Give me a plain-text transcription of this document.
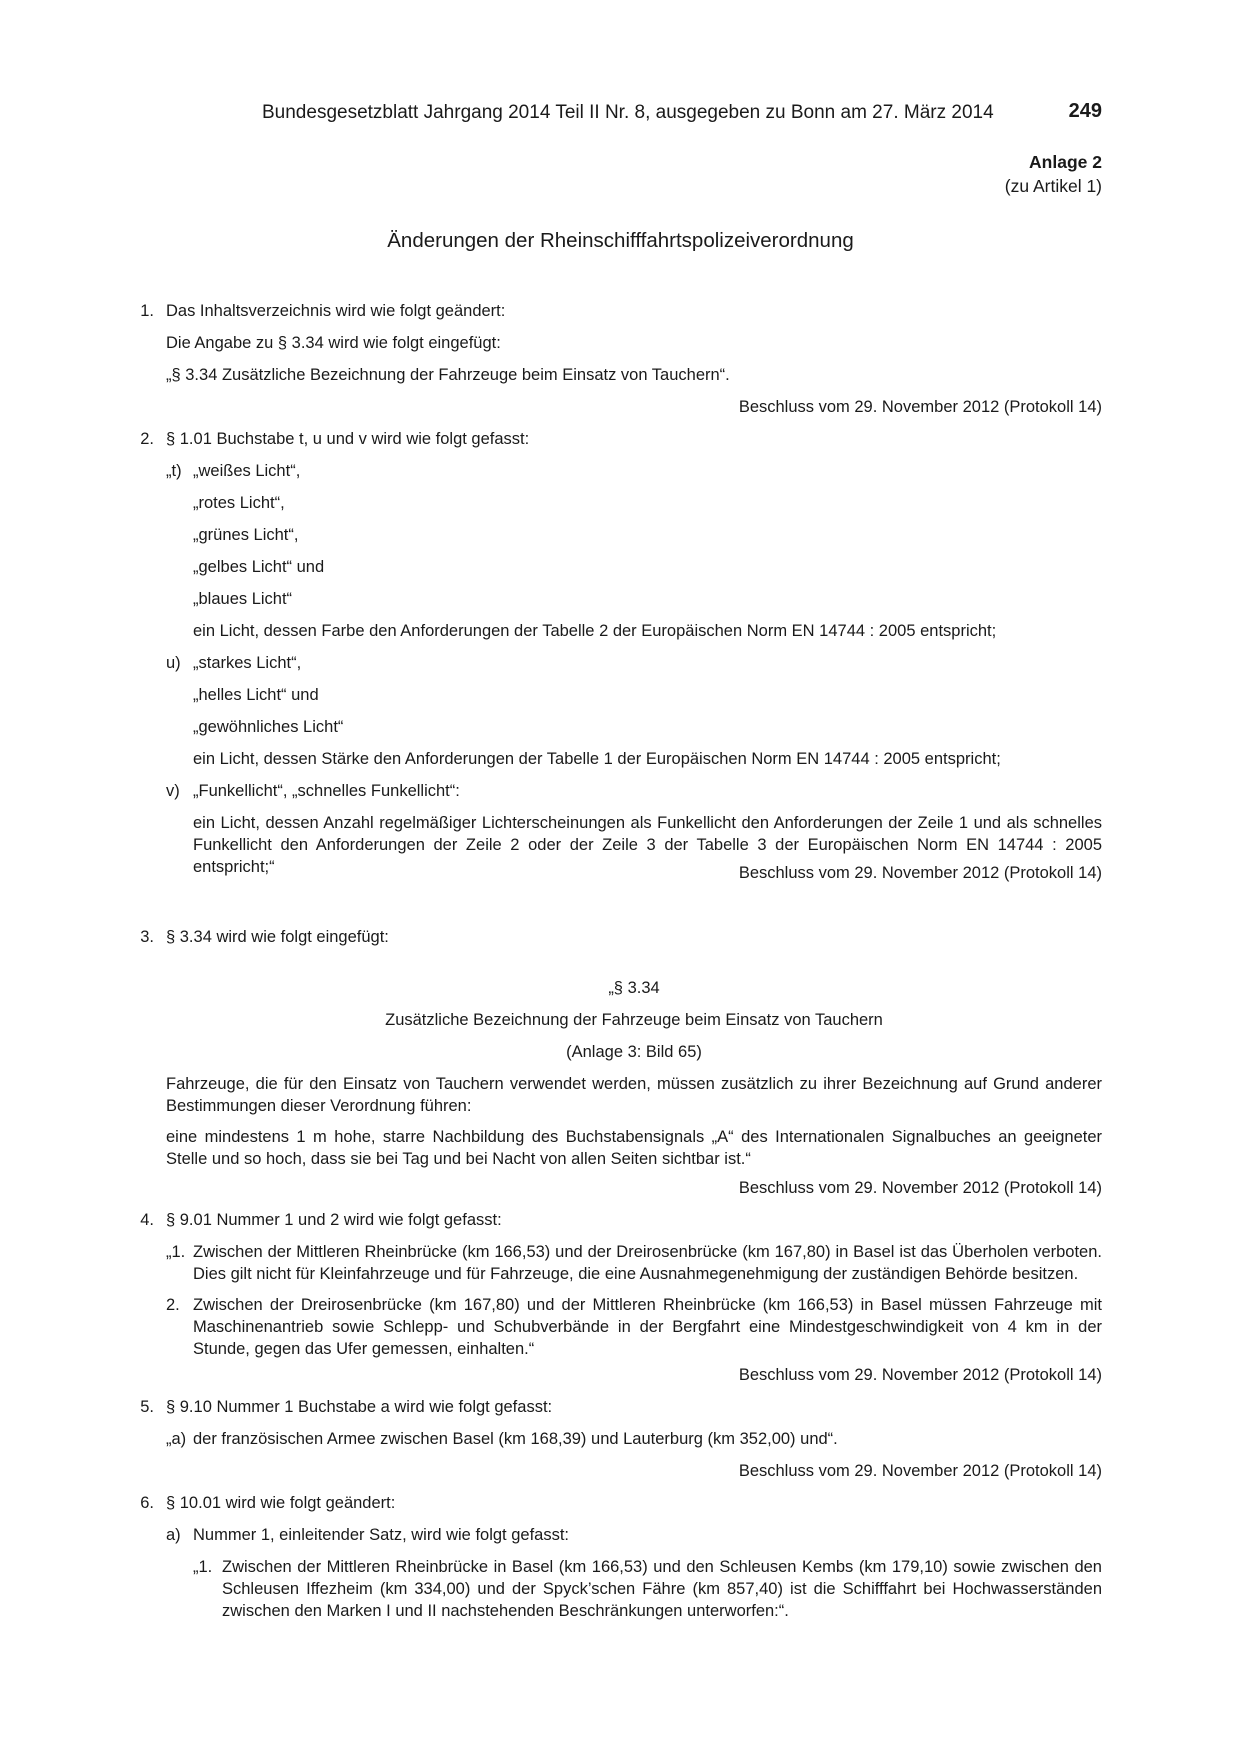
Bundesgesetzblatt Jahrgang 2014 Teil II Nr. 8, ausgegeben zu Bonn am 27. März 2014	249
Anlage 2
(zu Artikel 1)
Änderungen der Rheinschifffahrtspolizeiverordnung
1. Das Inhaltsverzeichnis wird wie folgt geändert:
Die Angabe zu § 3.34 wird wie folgt eingefügt:
„§ 3.34 Zusätzliche Bezeichnung der Fahrzeuge beim Einsatz von Tauchern“.
Beschluss vom 29. November 2012 (Protokoll 14)
2. § 1.01 Buchstabe t, u und v wird wie folgt gefasst:
„t) „weißes Licht“,
„rotes Licht“,
„grünes Licht“,
„gelbes Licht“ und
„blaues Licht“
ein Licht, dessen Farbe den Anforderungen der Tabelle 2 der Europäischen Norm EN 14744 : 2005 entspricht;
u) „starkes Licht“,
„helles Licht“ und
„gewöhnliches Licht“
ein Licht, dessen Stärke den Anforderungen der Tabelle 1 der Europäischen Norm EN 14744 : 2005 entspricht;
v) „Funkellicht“, „schnelles Funkellicht“:
ein Licht, dessen Anzahl regelmäßiger Lichterscheinungen als Funkellicht den Anforderungen der Zeile 1 und als schnelles Funkellicht den Anforderungen der Zeile 2 oder der Zeile 3 der Tabelle 3 der Europäischen Norm EN 14744 : 2005 entspricht;“	Beschluss vom 29. November 2012 (Protokoll 14)
3. § 3.34 wird wie folgt eingefügt:
„§ 3.34
Zusätzliche Bezeichnung der Fahrzeuge beim Einsatz von Tauchern
(Anlage 3: Bild 65)
Fahrzeuge, die für den Einsatz von Tauchern verwendet werden, müssen zusätzlich zu ihrer Bezeichnung auf Grund anderer Bestimmungen dieser Verordnung führen:
eine mindestens 1 m hohe, starre Nachbildung des Buchstabensignals „A“ des Internationalen Signalbuches an geeigneter Stelle und so hoch, dass sie bei Tag und bei Nacht von allen Seiten sichtbar ist.“
Beschluss vom 29. November 2012 (Protokoll 14)
4. § 9.01 Nummer 1 und 2 wird wie folgt gefasst:
„1. Zwischen der Mittleren Rheinbrücke (km 166,53) und der Dreirosenbrücke (km 167,80) in Basel ist das Überholen verboten. Dies gilt nicht für Kleinfahrzeuge und für Fahrzeuge, die eine Ausnahmegenehmigung der zuständigen Behörde besitzen.
2. Zwischen der Dreirosenbrücke (km 167,80) und der Mittleren Rheinbrücke (km 166,53) in Basel müssen Fahrzeuge mit Maschinenantrieb sowie Schlepp- und Schubverbände in der Bergfahrt eine Mindestgeschwindigkeit von 4 km in der Stunde, gegen das Ufer gemessen, einhalten.“
Beschluss vom 29. November 2012 (Protokoll 14)
5. § 9.10 Nummer 1 Buchstabe a wird wie folgt gefasst:
„a) der französischen Armee zwischen Basel (km 168,39) und Lauterburg (km 352,00) und“.
Beschluss vom 29. November 2012 (Protokoll 14)
6. § 10.01 wird wie folgt geändert:
a) Nummer 1, einleitender Satz, wird wie folgt gefasst:
„1. Zwischen der Mittleren Rheinbrücke in Basel (km 166,53) und den Schleusen Kembs (km 179,10) sowie zwischen den Schleusen Iffezheim (km 334,00) und der Spyck’schen Fähre (km 857,40) ist die Schifffahrt bei Hochwasserständen zwischen den Marken I und II nachstehenden Beschränkungen unterworfen:“.
